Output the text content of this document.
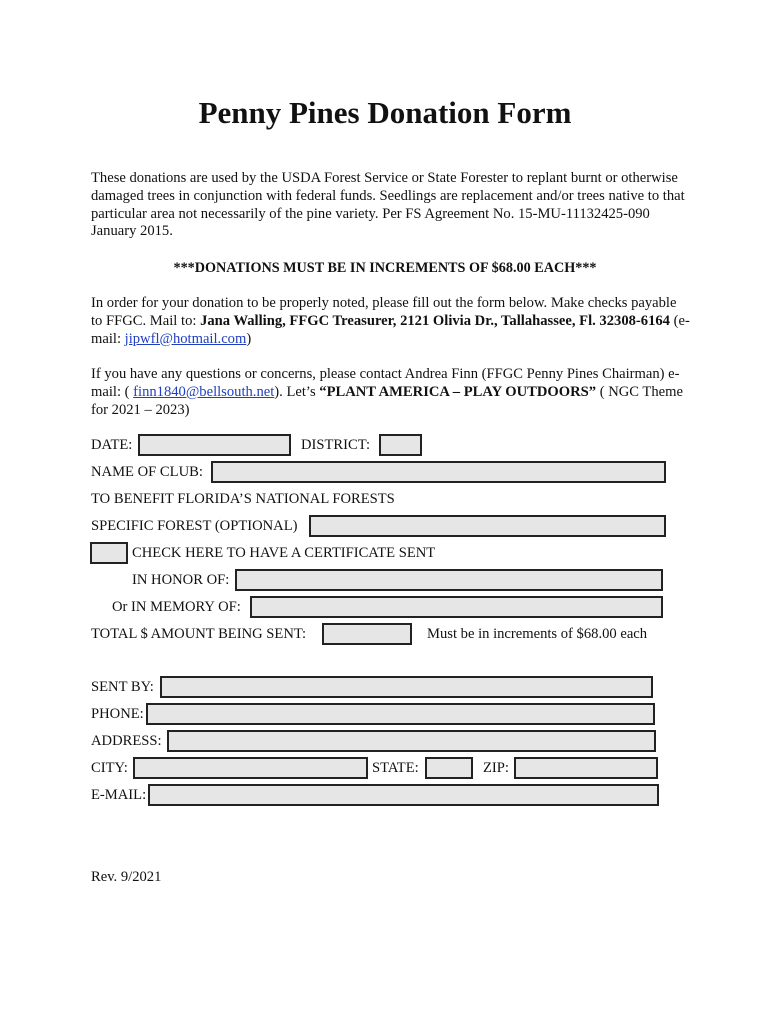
Penny Pines Donation Form
These donations are used by the USDA Forest Service or State Forester to replant burnt or otherwise damaged trees in conjunction with federal funds. Seedlings are replacement and/or trees native to that particular area not necessarily of the pine variety. Per FS Agreement No. 15-MU-11132425-090 January 2015.
***DONATIONS MUST BE IN INCREMENTS OF $68.00 EACH***
In order for your donation to be properly noted, please fill out the form below. Make checks payable to FFGC. Mail to: Jana Walling, FFGC Treasurer, 2121 Olivia Dr., Tallahassee, Fl. 32308-6164 (e-mail: jipwfl@hotmail.com)
If you have any questions or concerns, please contact Andrea Finn (FFGC Penny Pines Chairman) e-mail: ( finn1840@bellsouth.net). Let’s “PLANT AMERICA – PLAY OUTDOORS” ( NGC Theme for 2021 – 2023)
DATE:	DISTRICT:
NAME OF CLUB:
TO BENEFIT FLORIDA’S NATIONAL FORESTS
SPECIFIC FOREST (OPTIONAL)
CHECK HERE TO HAVE A CERTIFICATE SENT
IN HONOR OF:
Or IN MEMORY OF:
TOTAL $ AMOUNT BEING SENT:	Must be in increments of $68.00 each
SENT BY:
PHONE:
ADDRESS:
CITY:	STATE:	ZIP:
E-MAIL:
Rev. 9/2021
